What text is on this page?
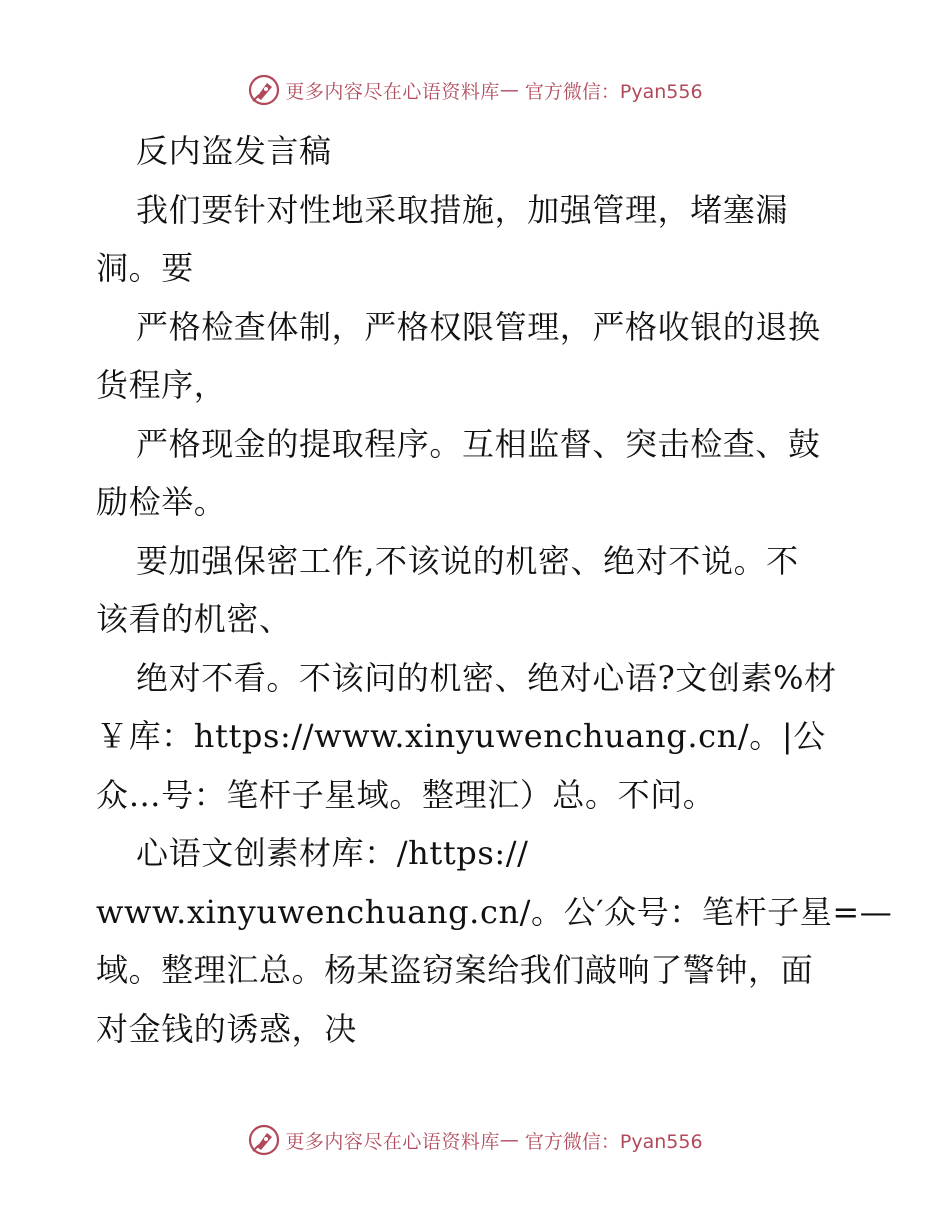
更多内容尽在心语资料库 — 官方微信：Pyan556
反内盗发言稿
我们要针对性地采取措施，加强管理，堵塞漏
洞。要
严格检查体制，严格权限管理，严格收银的退换
货程序，
严格现金的提取程序。互相监督、突击检查、鼓
励检举。
要加强保密工作,不该说的机密、绝对不说。不
该看的机密、
绝对不看。不该问的机密、绝对心语?文创素%材
￥库：https://www.xinyuwenchuang.cn/。|公
众…号：笔杆子星域。整理汇）总。不问。
心语文创素材库：/https://
www.xinyuwenchuang.cn/。公′众号：笔杆子星=—
域。整理汇总。杨某盗窃案给我们敲响了警钟，面
对金钱的诱惑，决
更多内容尽在心语资料库 — 官方微信：Pyan556
